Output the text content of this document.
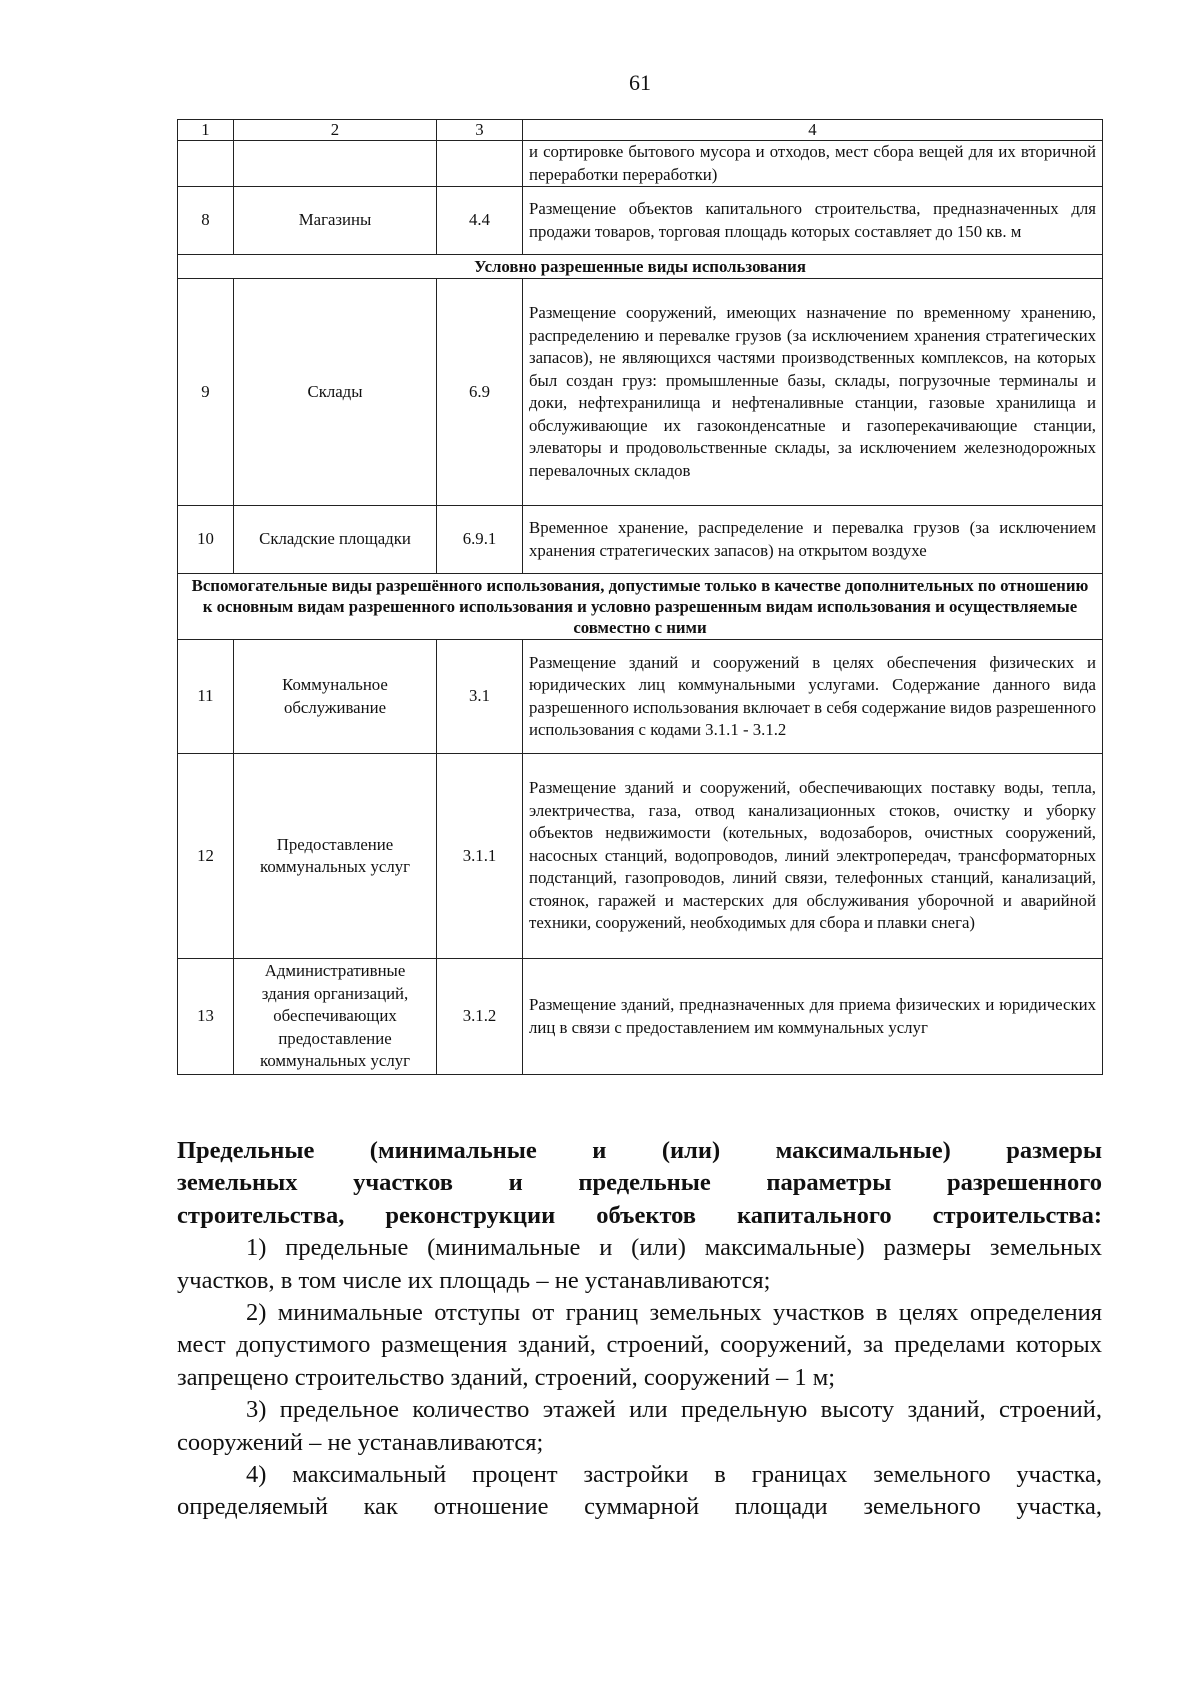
61
1	2	3	4
			и сортировке бытового мусора и отходов, мест сбора вещей для их вторичной переработки переработки)
8	Магазины	4.4	Размещение объектов капитального строительства, предназначенных для продажи товаров, торговая площадь которых составляет до 150 кв. м
Условно разрешенные виды использования			
9	Склады	6.9	Размещение сооружений, имеющих назначение по временному хранению, распределению и перевалке грузов (за исключением хранения стратегических запасов), не являющихся частями производственных комплексов, на которых был создан груз: промышленные базы, склады, погрузочные терминалы и доки, нефтехранилища и нефтеналивные станции, газовые хранилища и обслуживающие их газоконденсатные и газоперекачивающие станции, элеваторы и продовольственные склады, за исключением железнодорожных перевалочных складов
10	Складские площадки	6.9.1	Временное хранение, распределение и перевалка грузов (за исключением хранения стратегических запасов) на открытом воздухе
Вспомогательные виды разрешённого использования, допустимые только в качестве дополнительных по отношению к основным видам разрешенного использования и условно разрешенным видам использования и осуществляемые совместно с ними			
11	Коммунальное обслуживание	3.1	Размещение зданий и сооружений в целях обеспечения физических и юридических лиц коммунальными услугами. Содержание данного вида разрешенного использования включает в себя содержание видов разрешенного использования с кодами 3.1.1 - 3.1.2
12	Предоставление коммунальных услуг	3.1.1	Размещение зданий и сооружений, обеспечивающих поставку воды, тепла, электричества, газа, отвод канализационных стоков, очистку и уборку объектов недвижимости (котельных, водозаборов, очистных сооружений, насосных станций, водопроводов, линий электропередач, трансформаторных подстанций, газопроводов, линий связи, телефонных станций, канализаций, стоянок, гаражей и мастерских для обслуживания уборочной и аварийной техники, сооружений, необходимых для сбора и плавки снега)
13	Административные здания организаций, обеспечивающих предоставление коммунальных услуг	3.1.2	Размещение зданий, предназначенных для приема физических и юридических лиц в связи с предоставлением им коммунальных услуг
Предельные (минимальные и (или) максимальные) размеры
земельных участков и предельные параметры разрешенного
строительства, реконструкции объектов капитального строительства:

1) предельные (минимальные и (или) максимальные) размеры земельных участков, в том числе их площадь – не устанавливаются;

2) минимальные отступы от границ земельных участков в целях определения мест допустимого размещения зданий, строений, сооружений, за пределами которых запрещено строительство зданий, строений, сооружений – 1 м;

3) предельное количество этажей или предельную высоту зданий, строений, сооружений – не устанавливаются;

4) максимальный процент застройки в границах земельного участка, определяемый как отношение суммарной площади земельного участка,
